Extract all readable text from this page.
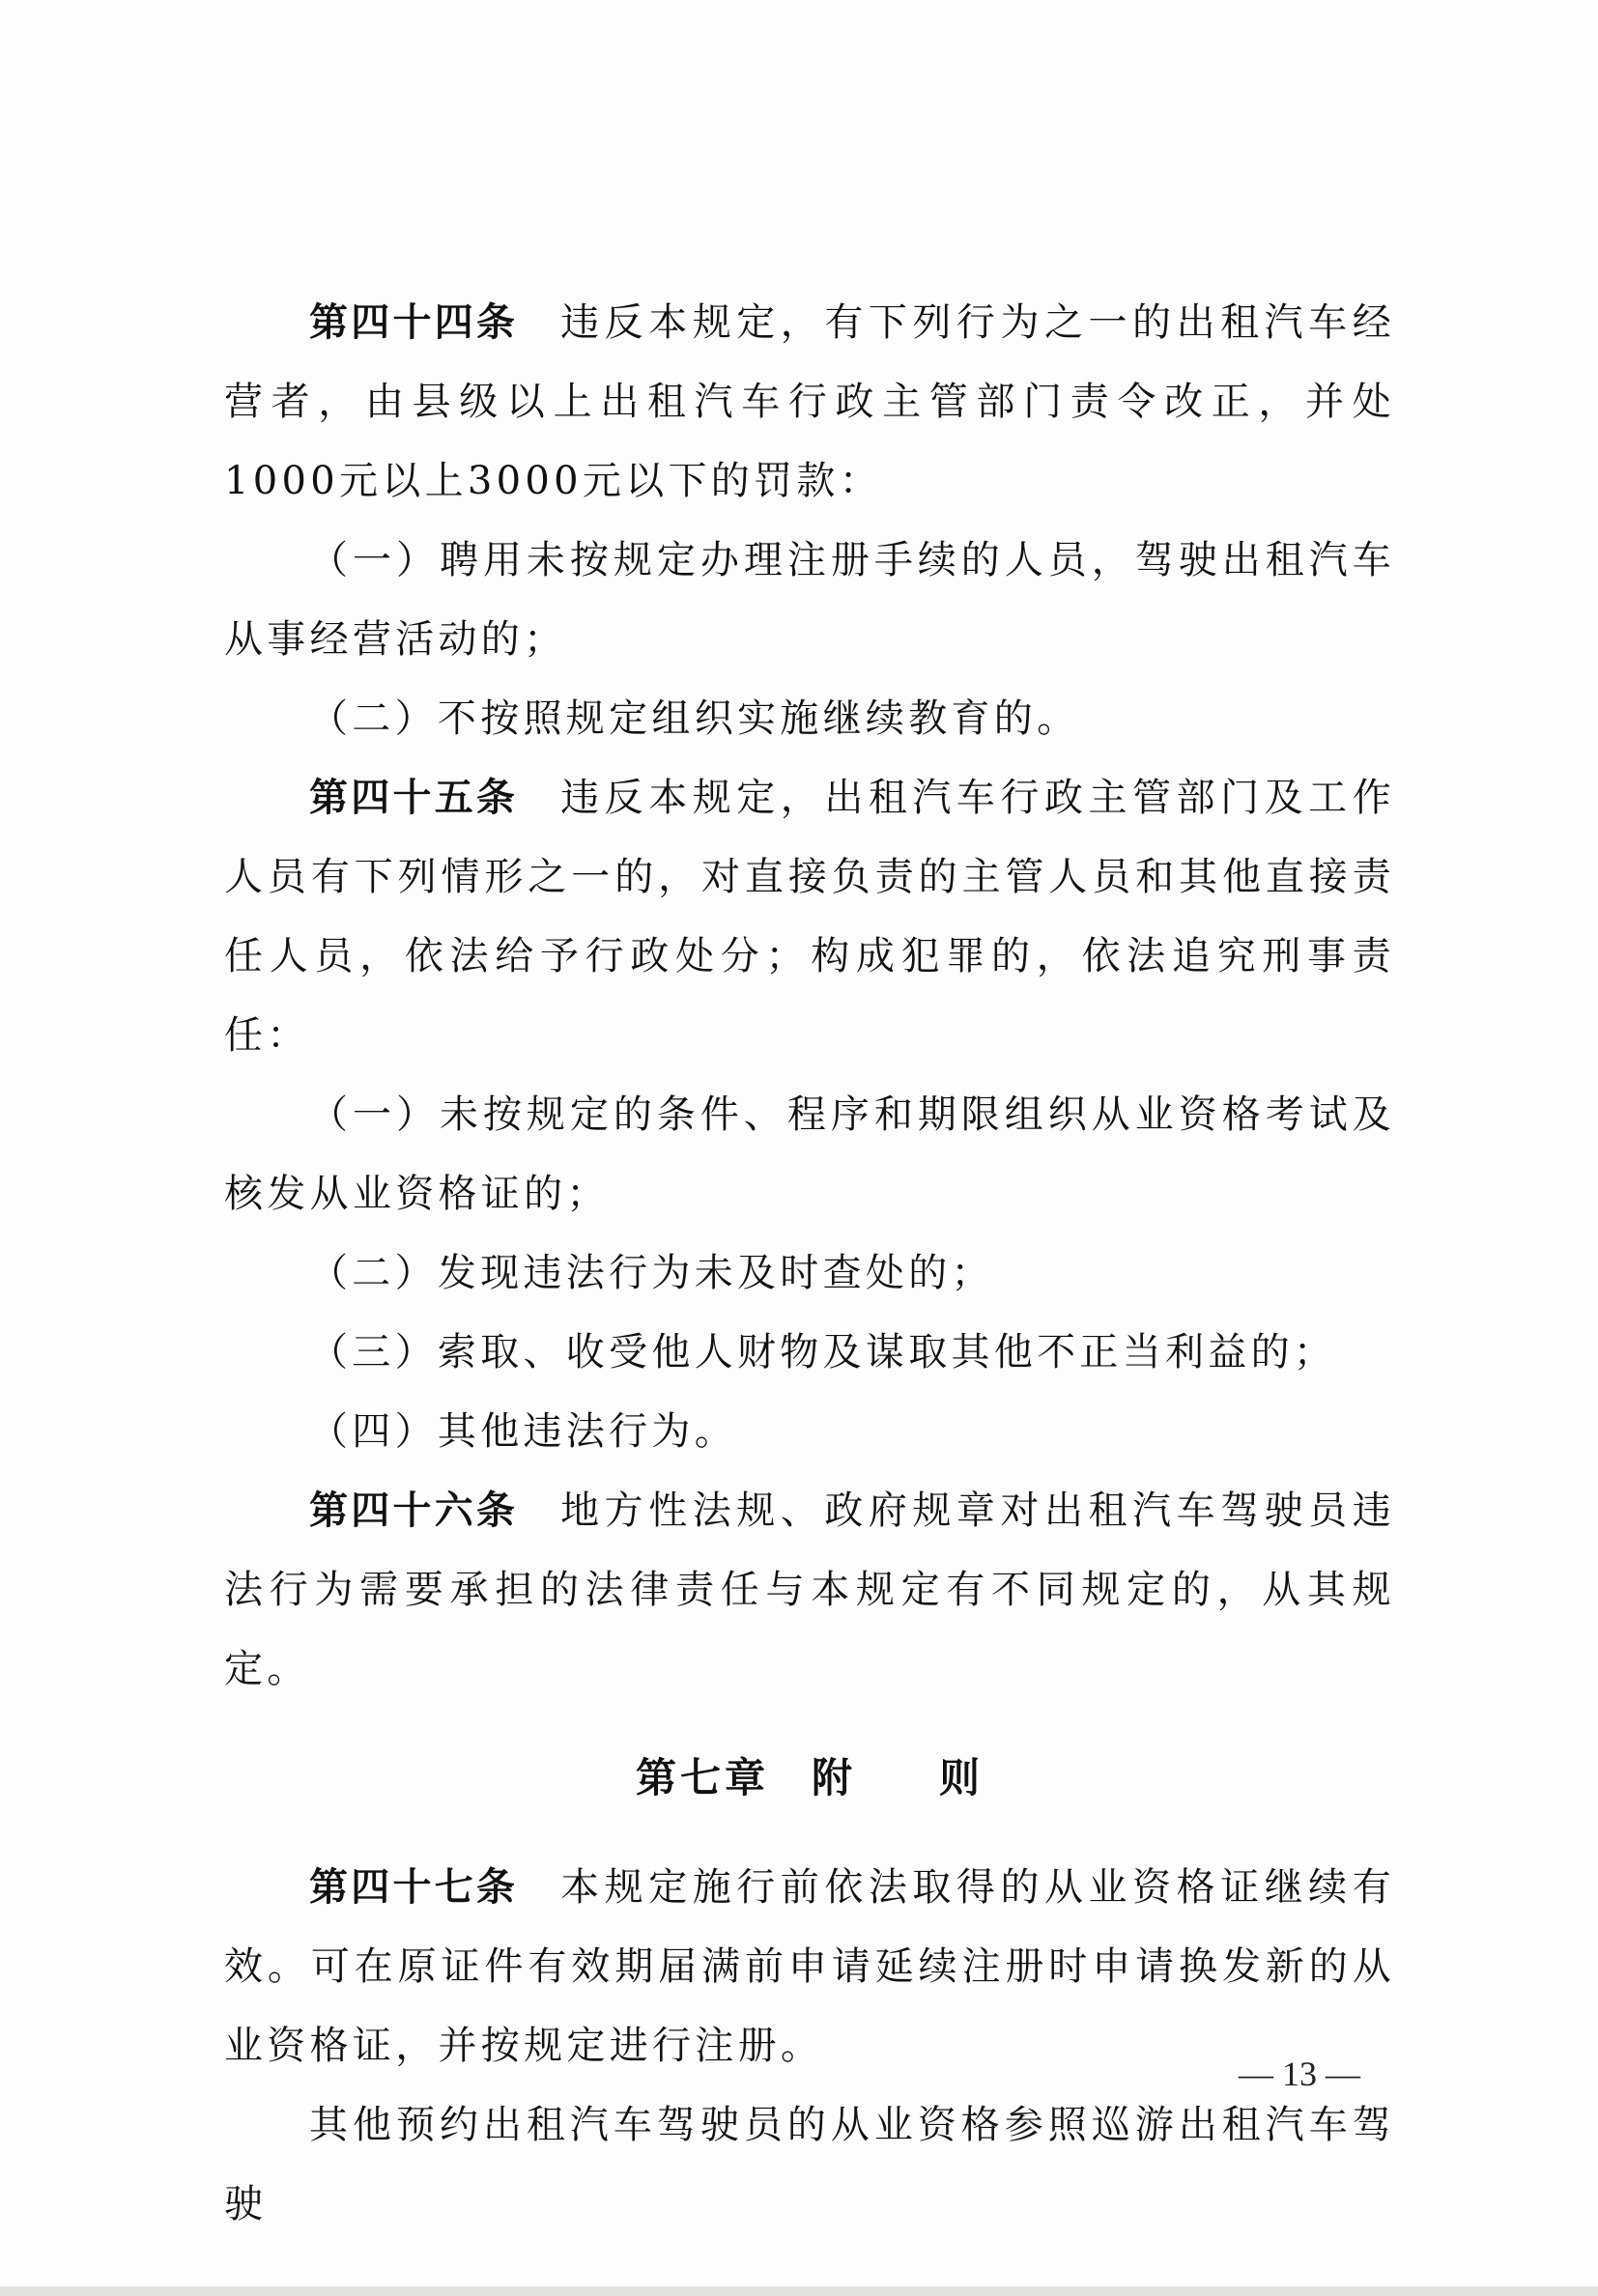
第四十四条 违反本规定，有下列行为之一的出租汽车经营者，由县级以上出租汽车行政主管部门责令改正，并处1000元以上3000元以下的罚款：

（一）聘用未按规定办理注册手续的人员，驾驶出租汽车从事经营活动的；

（二）不按照规定组织实施继续教育的。

第四十五条 违反本规定，出租汽车行政主管部门及工作人员有下列情形之一的，对直接负责的主管人员和其他直接责任人员，依法给予行政处分；构成犯罪的，依法追究刑事责任：

（一）未按规定的条件、程序和期限组织从业资格考试及核发从业资格证的；

（二）发现违法行为未及时查处的；

（三）索取、收受他人财物及谋取其他不正当利益的；

（四）其他违法行为。

第四十六条 地方性法规、政府规章对出租汽车驾驶员违法行为需要承担的法律责任与本规定有不同规定的，从其规定。

第七章 附 则

第四十七条 本规定施行前依法取得的从业资格证继续有效。可在原证件有效期届满前申请延续注册时申请换发新的从业资格证，并按规定进行注册。

其他预约出租汽车驾驶员的从业资格参照巡游出租汽车驾驶

— 13 —
